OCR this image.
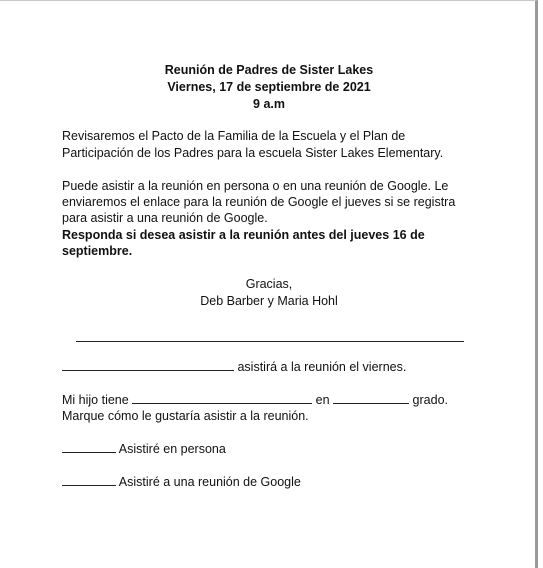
Reunión de Padres de Sister Lakes
Viernes, 17 de septiembre de 2021
9 a.m
Revisaremos el Pacto de la Familia de la Escuela y el Plan de
Participación de los Padres para la escuela Sister Lakes Elementary.
Puede asistir a la reunión en persona o en una reunión de Google. Le
enviaremos el enlace para la reunión de Google el jueves si se registra
para asistir a una reunión de Google.
Responda si desea asistir a la reunión antes del jueves 16 de
septiembre.
Gracias,
Deb Barber y Maria Hohl
asistirá a la reunión el viernes.
Mi hijo tiene	en	grado.
Marque cómo le gustaría asistir a la reunión.
Asistiré en persona
Asistiré a una reunión de Google
